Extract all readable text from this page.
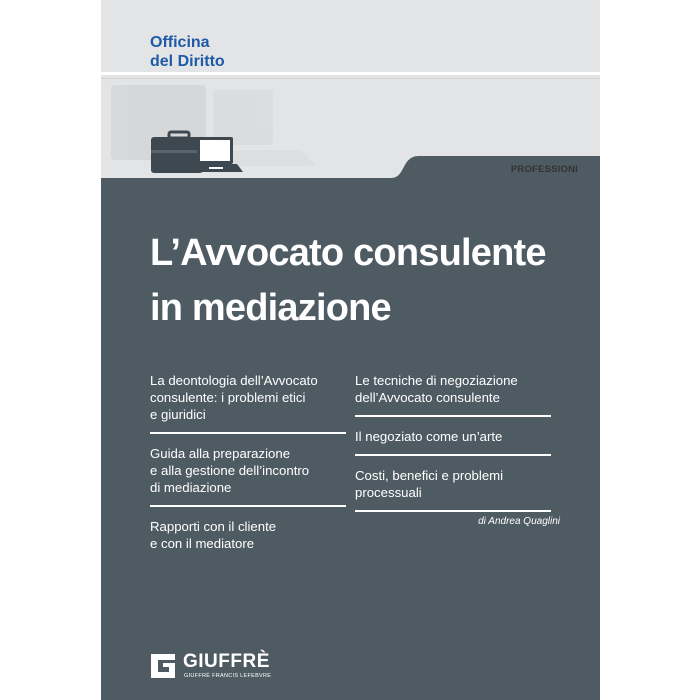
Officina
del Diritto
PROFESSIONI
L’Avvocato consulente
in mediazione
La deontologia dell’Avvocato
consulente: i problemi etici
e giuridici
Guida alla preparazione
e alla gestione dell’incontro
di mediazione
Rapporti con il cliente
e con il mediatore
Le tecniche di negoziazione
dell’Avvocato consulente
Il negoziato come un’arte
Costi, benefici e problemi
processuali
di Andrea Quaglini
GIUFFRÈ
GIUFFRÈ FRANCIS LEFEBVRE
